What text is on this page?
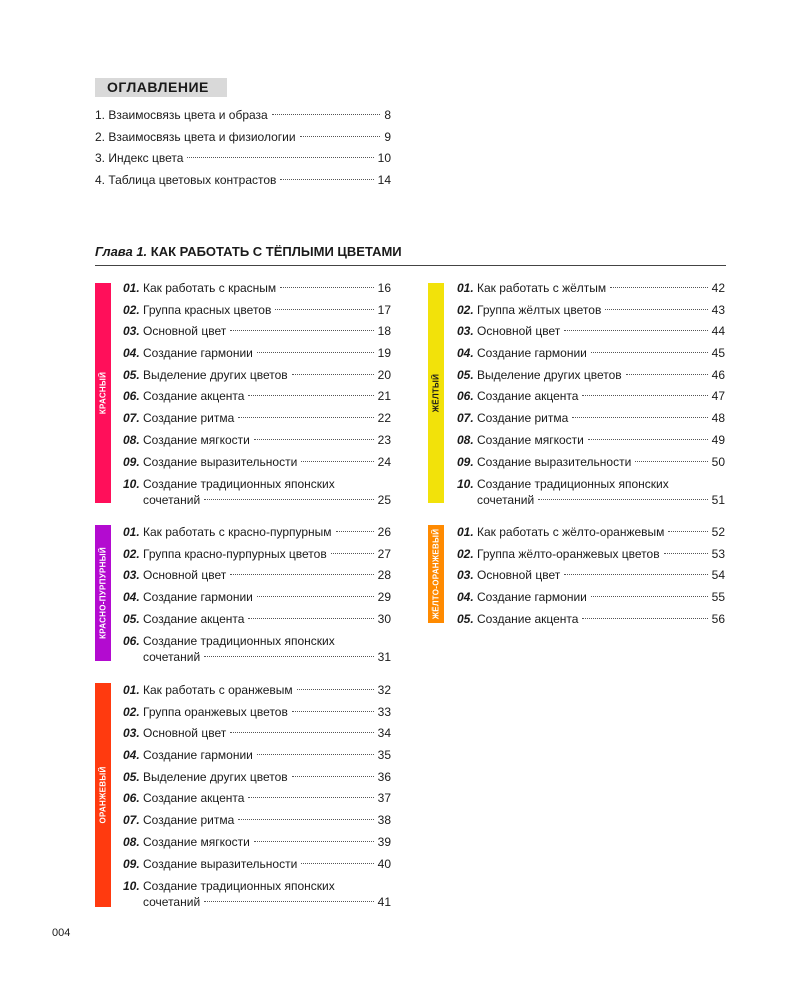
ОГЛАВЛЕНИЕ
1. Взаимосвязь цвета и образа	8
2. Взаимосвязь цвета и физиологии	9
3. Индекс цвета	10
4. Таблица цветовых контрастов	14
Глава 1. КАК РАБОТАТЬ С ТЁПЛЫМИ ЦВЕТАМИ
КРАСНЫЙ
01. Как работать с красным	16
02. Группа красных цветов	17
03. Основной цвет	18
04. Создание гармонии	19
05. Выделение других цветов	20
06. Создание акцента	21
07. Создание ритма	22
08. Создание мягкости	23
09. Создание выразительности	24
10. Создание традиционных японских
сочетаний	25
КРАСНО-ПУРПУРНЫЙ
01. Как работать с красно-пурпурным	26
02. Группа красно-пурпурных цветов	27
03. Основной цвет	28
04. Создание гармонии	29
05. Создание акцента	30
06. Создание традиционных японских
сочетаний	31
ОРАНЖЕВЫЙ
01. Как работать с оранжевым	32
02. Группа оранжевых цветов	33
03. Основной цвет	34
04. Создание гармонии	35
05. Выделение других цветов	36
06. Создание акцента	37
07. Создание ритма	38
08. Создание мягкости	39
09. Создание выразительности	40
10. Создание традиционных японских
сочетаний	41
ЖЁЛТЫЙ
01. Как работать с жёлтым	42
02. Группа жёлтых цветов	43
03. Основной цвет	44
04. Создание гармонии	45
05. Выделение других цветов	46
06. Создание акцента	47
07. Создание ритма	48
08. Создание мягкости	49
09. Создание выразительности	50
10. Создание традиционных японских
сочетаний	51
ЖЁЛТО-ОРАНЖЕВЫЙ 01. Как работать с жёлто-оранжевым	52
02. Группа жёлто-оранжевых цветов	53
03. Основной цвет	54
04. Создание гармонии	55
05. Создание акцента	56
004
